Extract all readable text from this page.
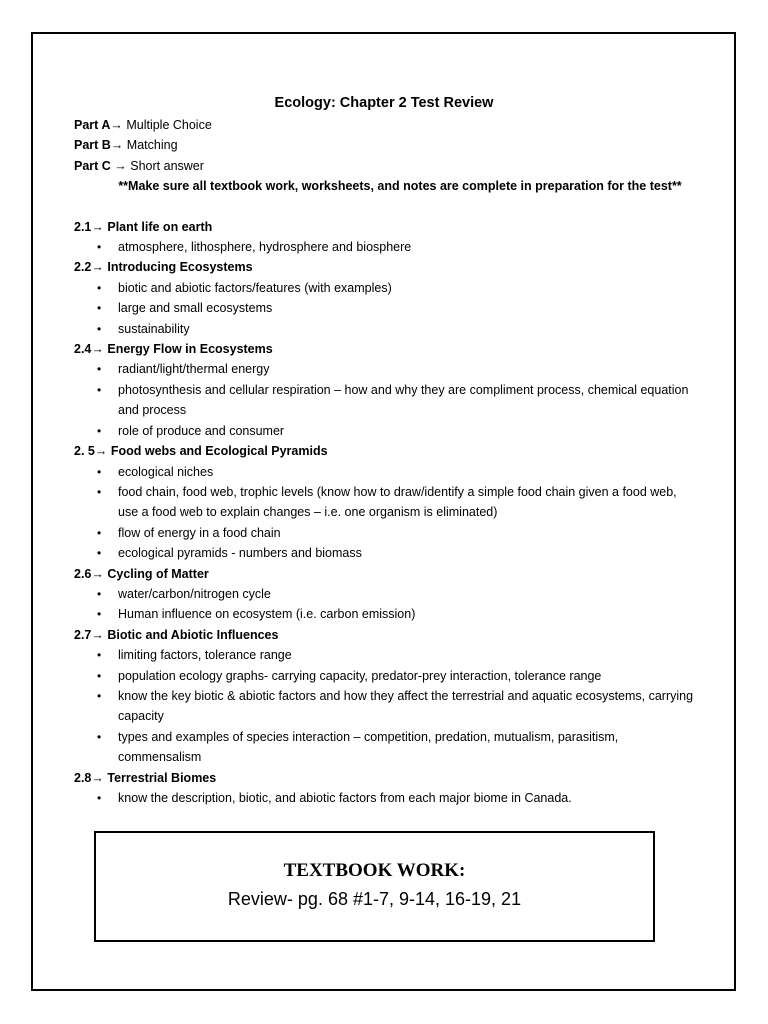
Ecology: Chapter 2 Test Review
Part A→ Multiple Choice
Part B→ Matching
Part C → Short answer
**Make sure all textbook work, worksheets, and notes are complete in preparation for the test**
2.1→ Plant life on earth
• atmosphere, lithosphere, hydrosphere and biosphere
2.2→ Introducing Ecosystems
• biotic and abiotic factors/features (with examples)
• large and small ecosystems
• sustainability
2.4→ Energy Flow in Ecosystems
• radiant/light/thermal energy
• photosynthesis and cellular respiration – how and why they are compliment process, chemical equation and process
• role of produce and consumer
2. 5→ Food webs and Ecological Pyramids
• ecological niches
• food chain, food web, trophic levels (know how to draw/identify a simple food chain given a food web, use a food web to explain changes – i.e. one organism is eliminated)
• flow of energy in a food chain
• ecological pyramids - numbers and biomass
2.6→ Cycling of Matter
• water/carbon/nitrogen cycle
• Human influence on ecosystem (i.e. carbon emission)
2.7→ Biotic and Abiotic Influences
• limiting factors, tolerance range
• population ecology graphs- carrying capacity, predator-prey interaction, tolerance range
• know the key biotic & abiotic factors and how they affect the terrestrial and aquatic ecosystems, carrying capacity
• types and examples of species interaction – competition, predation, mutualism, parasitism, commensalism
2.8→ Terrestrial Biomes
• know the description, biotic, and abiotic factors from each major biome in Canada.
TEXTBOOK WORK:
Review- pg. 68 #1-7, 9-14, 16-19, 21
